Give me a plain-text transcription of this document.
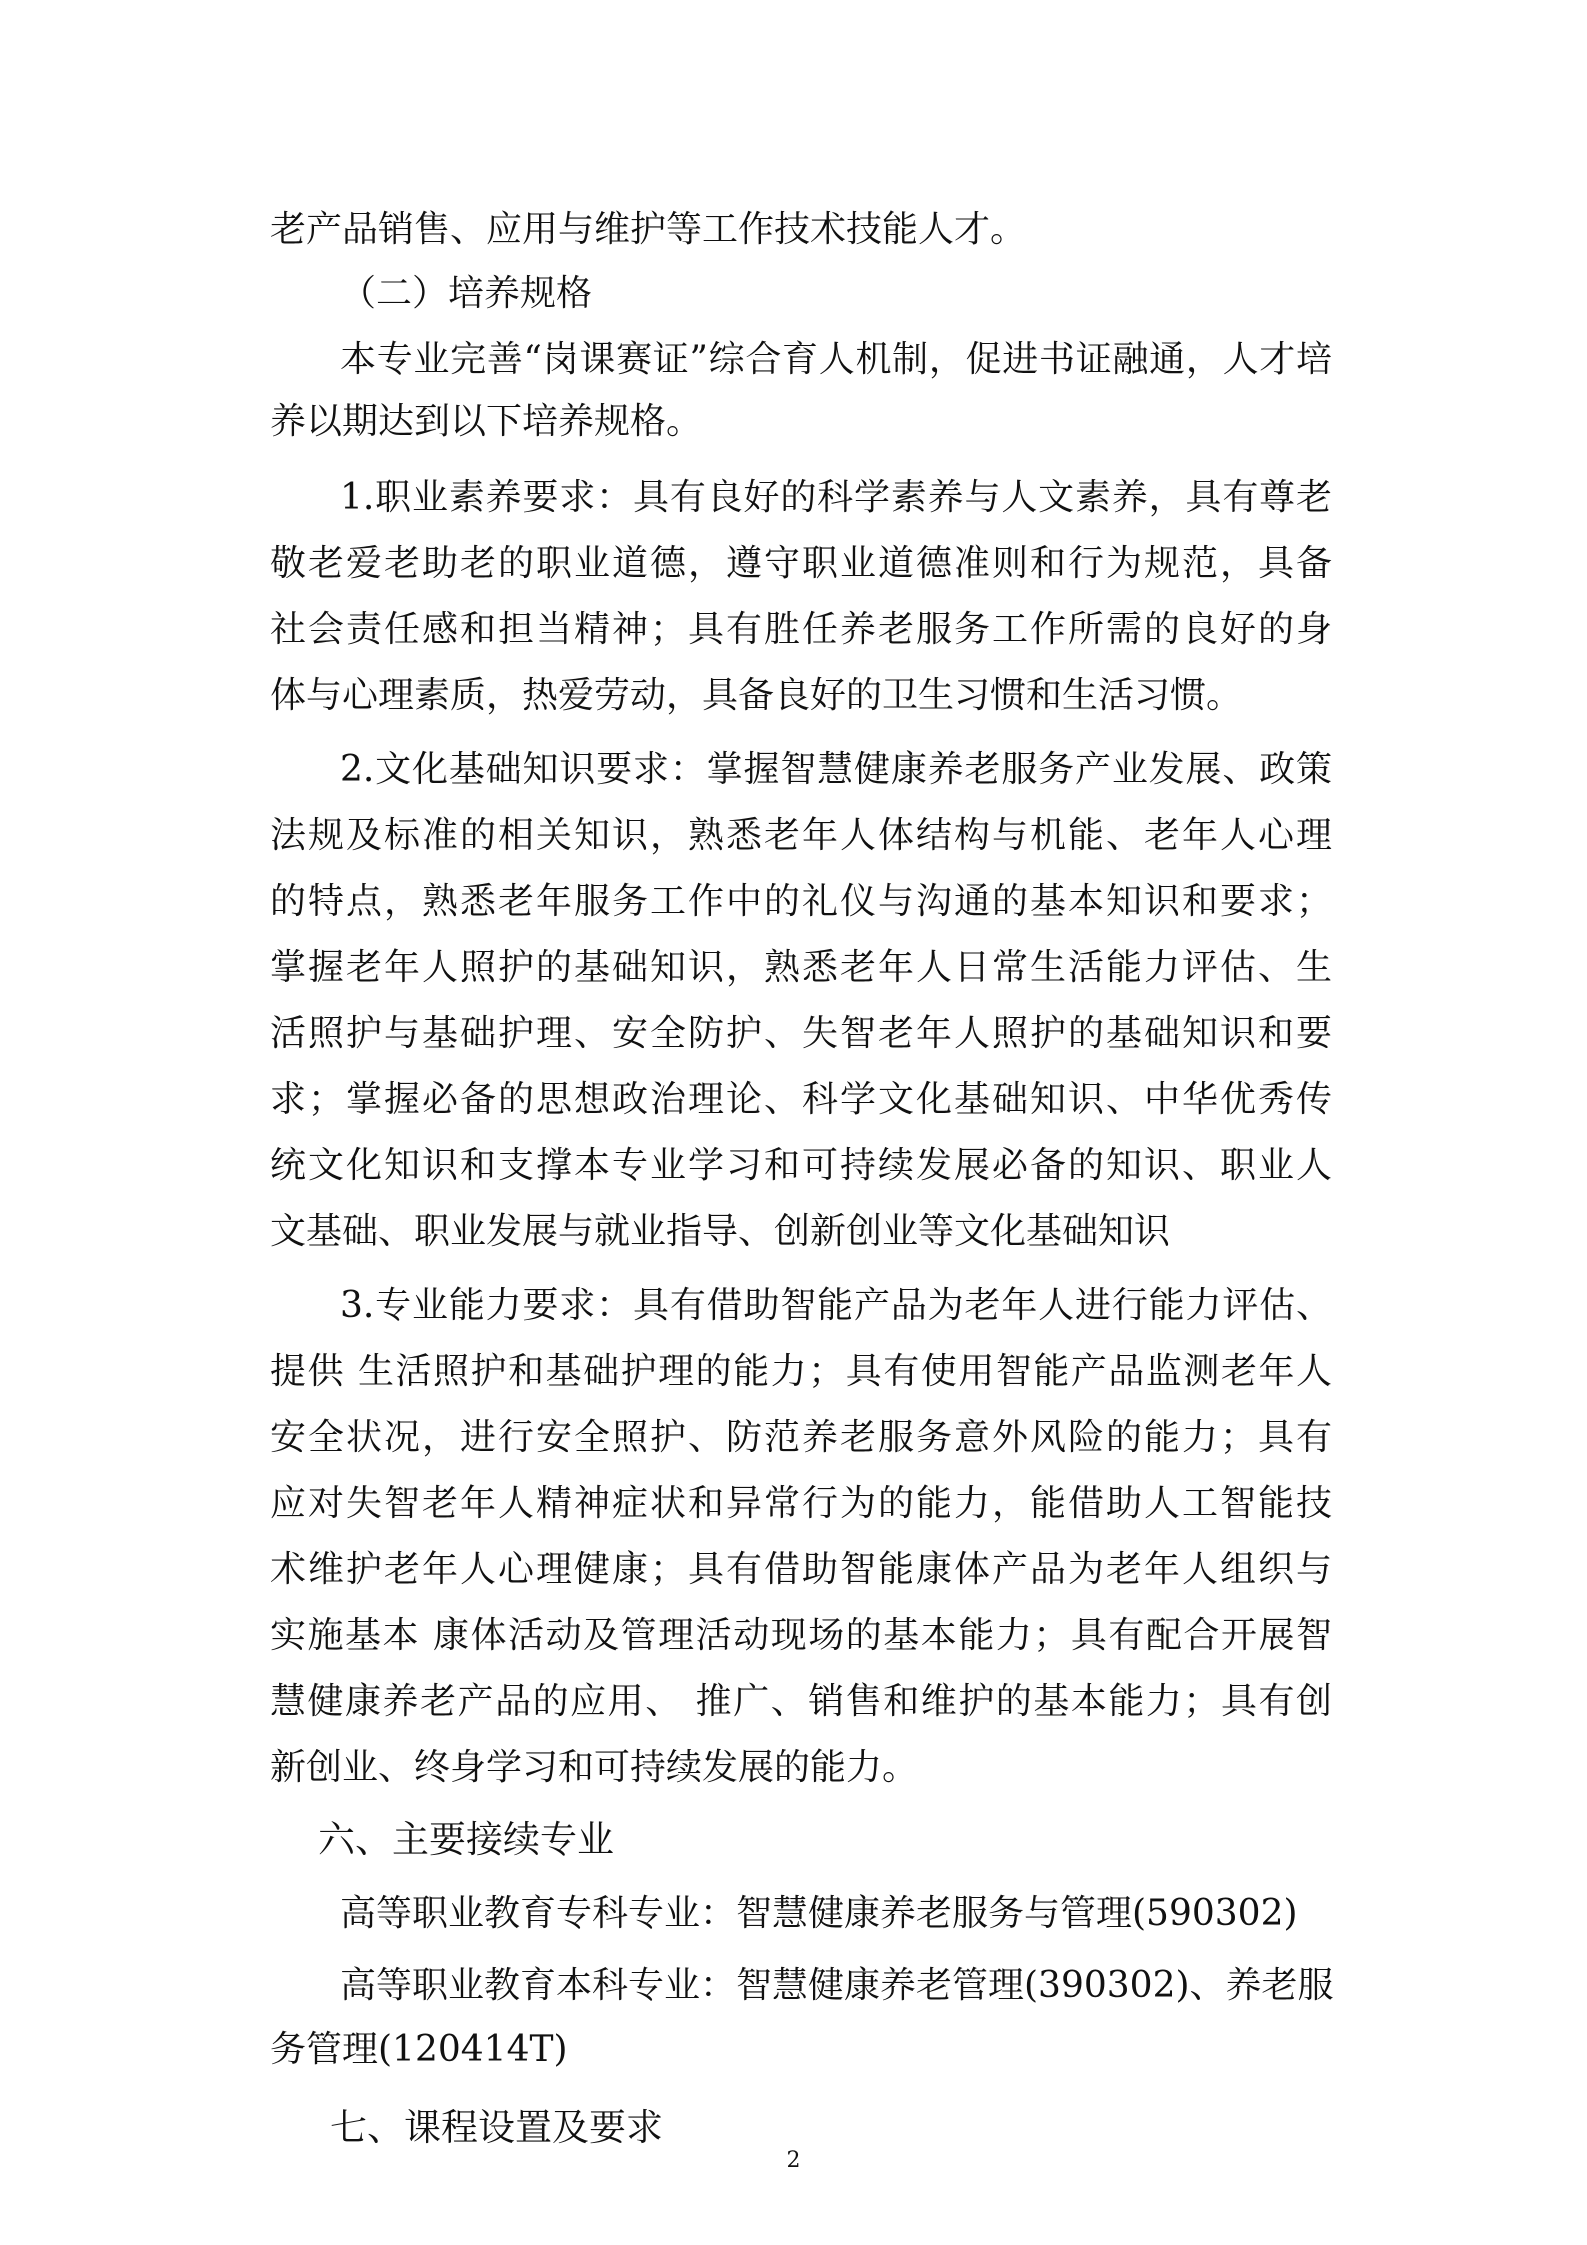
老产品销售、应用与维护等工作技术技能人才。

（二）培养规格

本专业完善“岗课赛证”综合育人机制，促进书证融通，人才培

养以期达到以下培养规格。

1.职业素养要求：具有良好的科学素养与人文素养，具有尊老

敬老爱老助老的职业道德，遵守职业道德准则和行为规范，具备

社会责任感和担当精神；具有胜任养老服务工作所需的良好的身

体与心理素质，热爱劳动，具备良好的卫生习惯和生活习惯。

2.文化基础知识要求：掌握智慧健康养老服务产业发展、政策

法规及标准的相关知识，熟悉老年人体结构与机能、老年人心理

的特点，熟悉老年服务工作中的礼仪与沟通的基本知识和要求；

掌握老年人照护的基础知识，熟悉老年人日常生活能力评估、生

活照护与基础护理、安全防护、失智老年人照护的基础知识和要

求；掌握必备的思想政治理论、科学文化基础知识、中华优秀传

统文化知识和支撑本专业学习和可持续发展必备的知识、职业人

文基础、职业发展与就业指导、创新创业等文化基础知识

3.专业能力要求：具有借助智能产品为老年人进行能力评估、

提供 生活照护和基础护理的能力；具有使用智能产品监测老年人

安全状况，进行安全照护、防范养老服务意外风险的能力；具有

应对失智老年人精神症状和异常行为的能力，能借助人工智能技

术维护老年人心理健康；具有借助智能康体产品为老年人组织与

实施基本 康体活动及管理活动现场的基本能力；具有配合开展智

慧健康养老产品的应用、 推广、销售和维护的基本能力；具有创

新创业、终身学习和可持续发展的能力。

六、主要接续专业

高等职业教育专科专业：智慧健康养老服务与管理(590302)

高等职业教育本科专业：智慧健康养老管理(390302)、养老服

务管理(120414T)

七、课程设置及要求

2
